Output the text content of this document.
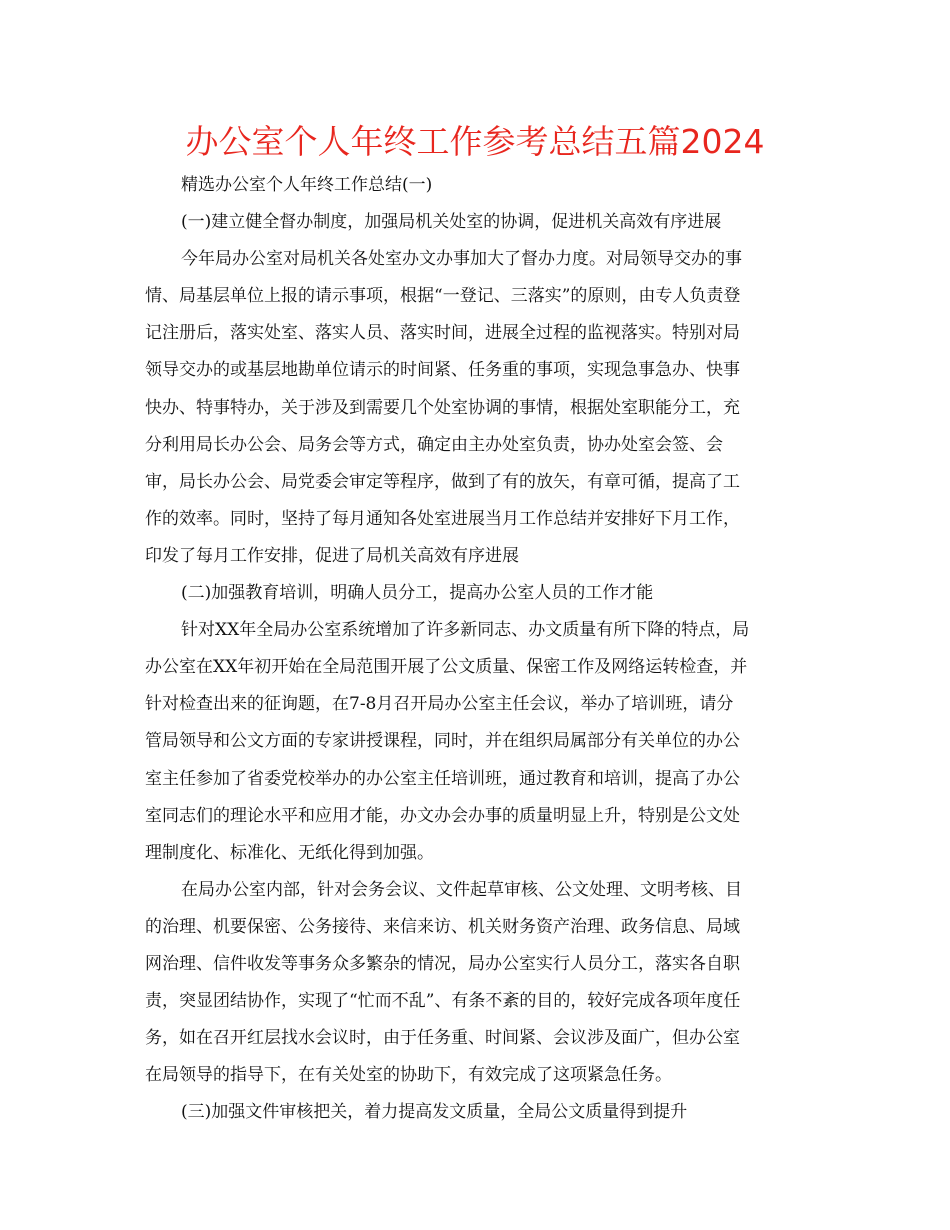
办公室个人年终工作参考总结五篇2024
精选办公室个人年终工作总结(一)
(一)建立健全督办制度，加强局机关处室的协调，促进机关高效有序进展
今年局办公室对局机关各处室办文办事加大了督办力度。对局领导交办的事
情、局基层单位上报的请示事项，根据“一登记、三落实”的原则，由专人负责登
记注册后，落实处室、落实人员、落实时间，进展全过程的监视落实。特别对局
领导交办的或基层地勘单位请示的时间紧、任务重的事项，实现急事急办、快事
快办、特事特办，关于涉及到需要几个处室协调的事情，根据处室职能分工，充
分利用局长办公会、局务会等方式，确定由主办处室负责，协办处室会签、会
审，局长办公会、局党委会审定等程序，做到了有的放矢，有章可循，提高了工
作的效率。同时，坚持了每月通知各处室进展当月工作总结并安排好下月工作，
印发了每月工作安排，促进了局机关高效有序进展
(二)加强教育培训，明确人员分工，提高办公室人员的工作才能
针对XX年全局办公室系统增加了许多新同志、办文质量有所下降的特点，局
办公室在XX年初开始在全局范围开展了公文质量、保密工作及网络运转检查，并
针对检查出来的征询题，在7-8月召开局办公室主任会议，举办了培训班，请分
管局领导和公文方面的专家讲授课程，同时，并在组织局属部分有关单位的办公
室主任参加了省委党校举办的办公室主任培训班，通过教育和培训，提高了办公
室同志们的理论水平和应用才能，办文办会办事的质量明显上升，特别是公文处
理制度化、标准化、无纸化得到加强。
在局办公室内部，针对会务会议、文件起草审核、公文处理、文明考核、目
的治理、机要保密、公务接待、来信来访、机关财务资产治理、政务信息、局域
网治理、信件收发等事务众多繁杂的情况，局办公室实行人员分工，落实各自职
责，突显团结协作，实现了“忙而不乱”、有条不紊的目的，较好完成各项年度任
务，如在召开红层找水会议时，由于任务重、时间紧、会议涉及面广，但办公室
在局领导的指导下，在有关处室的协助下，有效完成了这项紧急任务。
(三)加强文件审核把关，着力提高发文质量，全局公文质量得到提升
